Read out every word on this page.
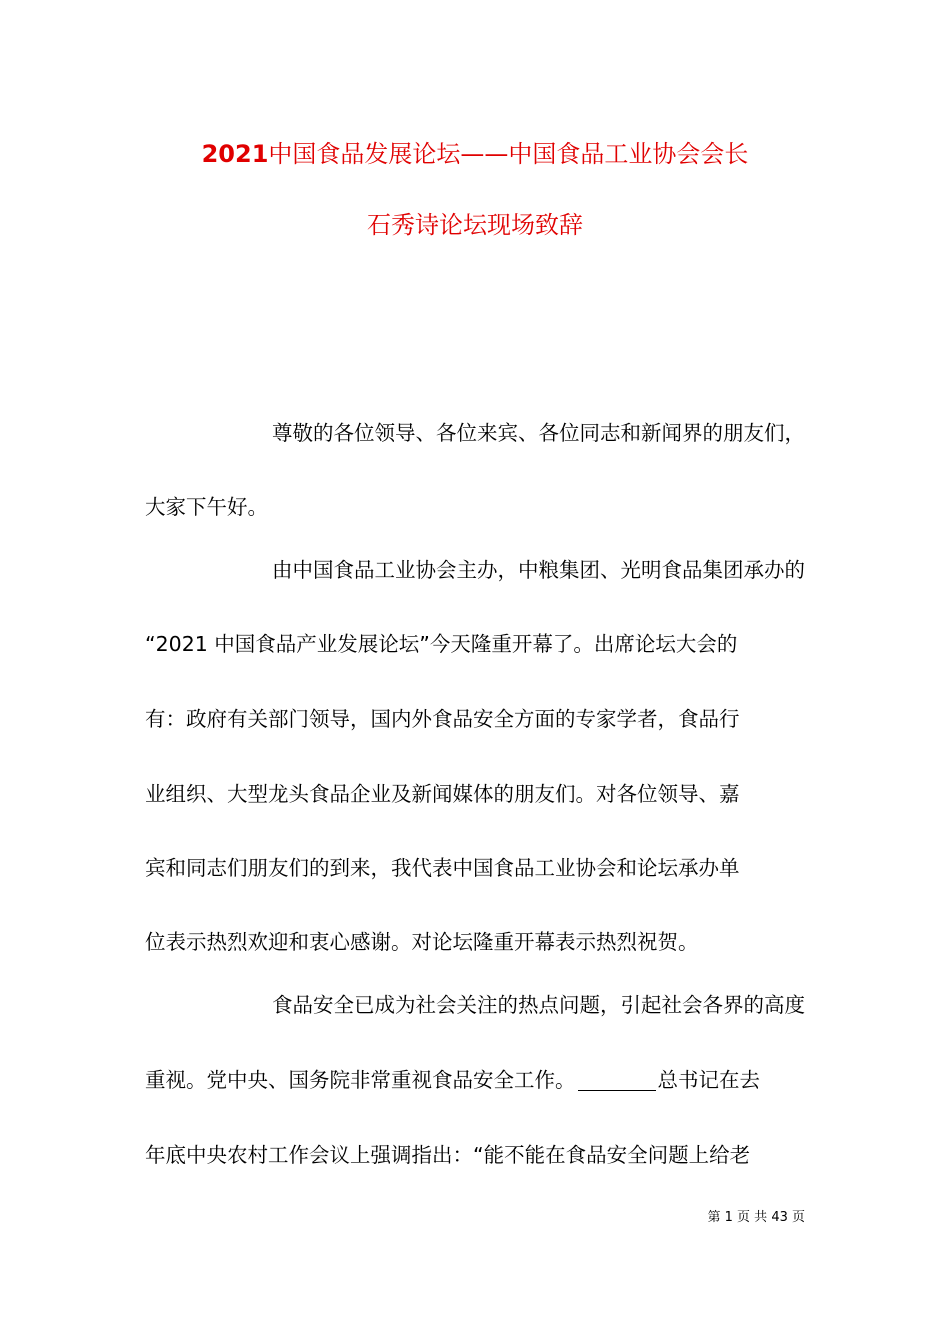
2021中国食品发展论坛——中国食品工业协会会长
石秀诗论坛现场致辞
尊敬的各位领导、各位来宾、各位同志和新闻界的朋友们，
大家下午好。
由中国食品工业协会主办，中粮集团、光明食品集团承办的
“2021 中国食品产业发展论坛”今天隆重开幕了。出席论坛大会的
有：政府有关部门领导，国内外食品安全方面的专家学者，食品行
业组织、大型龙头食品企业及新闻媒体的朋友们。对各位领导、嘉
宾和同志们朋友们的到来，我代表中国食品工业协会和论坛承办单
位表示热烈欢迎和衷心感谢。对论坛隆重开幕表示热烈祝贺。
食品安全已成为社会关注的热点问题，引起社会各界的高度
重视。党中央、国务院非常重视食品安全工作。	总书记在去
年底中央农村工作会议上强调指出：“能不能在食品安全问题上给老
第 1 页 共 43 页
